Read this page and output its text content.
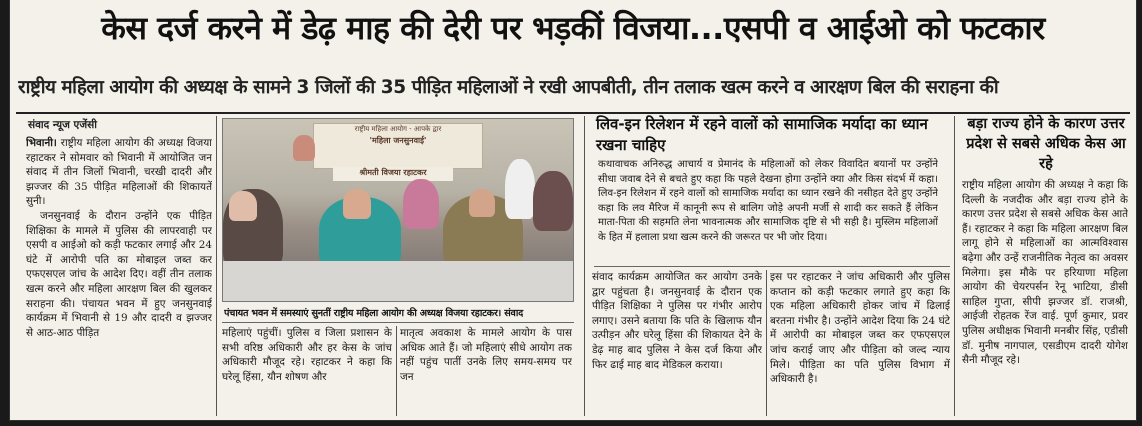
केस दर्ज करने में डेढ़ माह की देरी पर भड़कीं विजया...एसपी व आईओ को फटकार
राष्ट्रीय महिला आयोग की अध्यक्ष के सामने 3 जिलों की 35 पीड़ित महिलाओं ने रखी आपबीती, तीन तलाक खत्म करने व आरक्षण बिल की सराहना की
संवाद न्यूज एजेंसी
भिवानी। राष्ट्रीय महिला आयोग की अध्यक्ष विजया रहाटकर ने सोमवार को भिवानी में आयोजित जन संवाद में तीन जिलों भिवानी, चरखी दादरी और झज्जर की 35 पीड़ित महिलाओं की शिकायतें सुनी।
जनसुनवाई के दौरान उन्होंने एक पीड़ित शिक्षिका के मामले में पुलिस की लापरवाही पर एसपी व आईओ को कड़ी फटकार लगाई और 24 घंटे में आरोपी पति का मोबाइल जब्त कर एफएसएल जांच के आदेश दिए। वहीं तीन तलाक खत्म करने और महिला आरक्षण बिल की खुलकर सराहना की। पंचायत भवन में हुए जनसुनवाई कार्यक्रम में भिवानी से 19 और दादरी व झज्जर से आठ-आठ पीड़ित
राष्ट्रीय महिला आयोग - आपके द्वार
'महिला जनसुनवाई'
श्रीमती विजया रहाटकर
पंचायत भवन में समस्याएं सुनतीं राष्ट्रीय महिला आयोग की अध्यक्ष विजया रहाटकर। संवाद
महिलाएं पहुंचीं। पुलिस व जिला प्रशासन के सभी वरिष्ठ अधिकारी और हर केस के जांच अधिकारी मौजूद रहे। रहाटकर ने कहा कि घरेलू हिंसा, यौन शोषण और
मातृत्व अवकाश के मामले आयोग के पास अधिक आते हैं। जो महिलाएं सीधे आयोग तक नहीं पहुंच पातीं उनके लिए समय-समय पर जन
लिव-इन रिलेशन में रहने वालों को सामाजिक मर्यादा का ध्यान रखना चाहिए
कथावाचक अनिरुद्ध आचार्य व प्रेमानंद के महिलाओं को लेकर विवादित बयानों पर उन्होंने सीधा जवाब देने से बचते हुए कहा कि पहले देखना होगा उन्होंने क्या और किस संदर्भ में कहा। लिव-इन रिलेशन में रहने वालों को सामाजिक मर्यादा का ध्यान रखने की नसीहत देते हुए उन्होंने कहा कि लव मैरिज में कानूनी रूप से बालिग जोड़े अपनी मर्जी से शादी कर सकते हैं लेकिन माता-पिता की सहमति लेना भावनात्मक और सामाजिक दृष्टि से भी सही है। मुस्लिम महिलाओं के हित में हलाला प्रथा खत्म करने की जरूरत पर भी जोर दिया।
संवाद कार्यक्रम आयोजित कर आयोग उनके द्वार पहुंचता है। जनसुनवाई के दौरान एक पीड़ित शिक्षिका ने पुलिस पर गंभीर आरोप लगाए। उसने बताया कि पति के खिलाफ यौन उत्पीड़न और घरेलू हिंसा की शिकायत देने के डेढ़ माह बाद पुलिस ने केस दर्ज किया और फिर ढाई माह बाद मेडिकल कराया।
इस पर रहाटकर ने जांच अधिकारी और पुलिस कप्तान को कड़ी फटकार लगाते हुए कहा कि एक महिला अधिकारी होकर जांच में ढिलाई बरतना गंभीर है। उन्होंने आदेश दिया कि 24 घंटे में आरोपी का मोबाइल जब्त कर एफएसएल जांच कराई जाए और पीड़िता को जल्द न्याय मिले। पीड़िता का पति पुलिस विभाग में अधिकारी है।
बड़ा राज्य होने के कारण उत्तर प्रदेश से सबसे अधिक केस आ रहे
राष्ट्रीय महिला आयोग की अध्यक्ष ने कहा कि दिल्ली के नजदीक और बड़ा राज्य होने के कारण उत्तर प्रदेश से सबसे अधिक केस आते हैं। रहाटकर ने कहा कि महिला आरक्षण बिल लागू होने से महिलाओं का आत्मविश्वास बढ़ेगा और उन्हें राजनीतिक नेतृत्व का अवसर मिलेगा। इस मौके पर हरियाणा महिला आयोग की चेयरपर्सन रेनू भाटिया, डीसी साहिल गुप्ता, सीपी झज्जर डॉ. राजश्री, आईजी रोहतक रेंज वाई. पूर्ण कुमार, प्रवर पुलिस अधीक्षक भिवानी मनबीर सिंह, एडीसी डॉ. मुनीष नागपाल, एसडीएम दादरी योगेश सैनी मौजूद रहे।
